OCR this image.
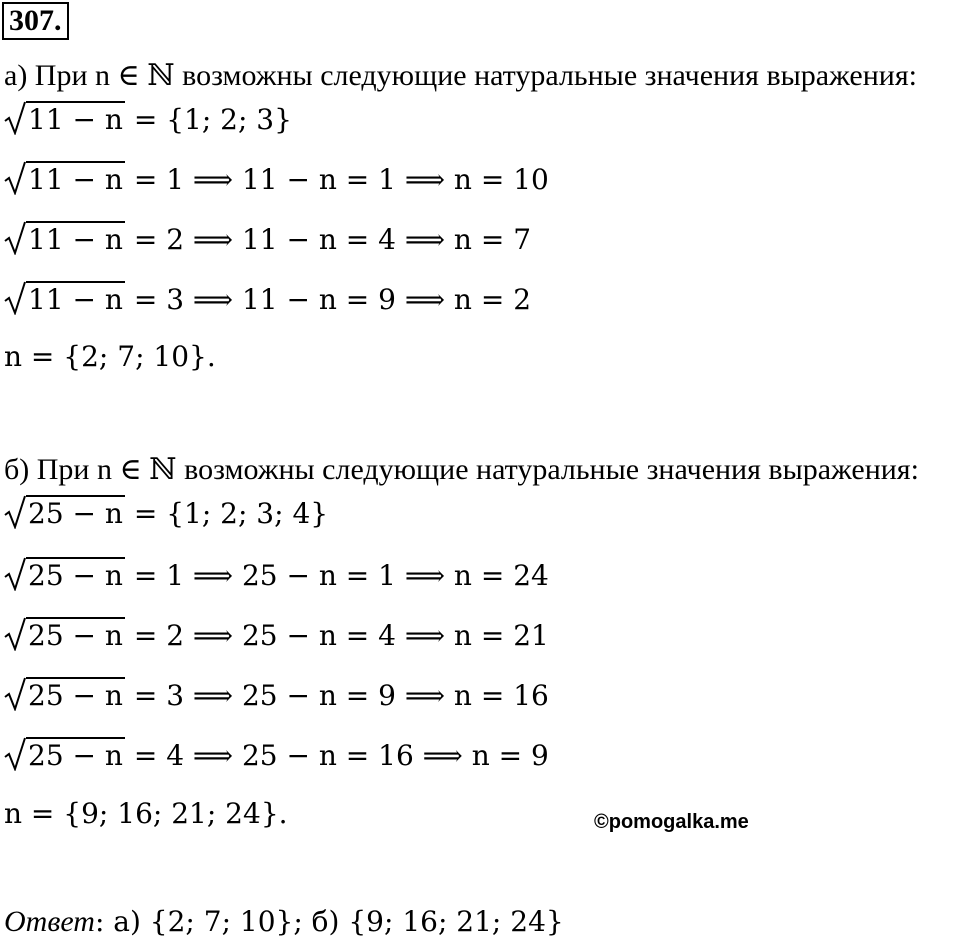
307.
а) При n ∈ ℕ возможны следующие натуральные значения выражения:
11 − n = {1; 2; 3}
11 − n = 1 ⟹ 11 − n = 1 ⟹ n = 10
11 − n = 2 ⟹ 11 − n = 4 ⟹ n = 7
11 − n = 3 ⟹ 11 − n = 9 ⟹ n = 2
n = {2; 7; 10}.
б) При n ∈ ℕ возможны следующие натуральные значения выражения:
25 − n = {1; 2; 3; 4}
25 − n = 1 ⟹ 25 − n = 1 ⟹ n = 24
25 − n = 2 ⟹ 25 − n = 4 ⟹ n = 21
25 − n = 3 ⟹ 25 − n = 9 ⟹ n = 16
25 − n = 4 ⟹ 25 − n = 16 ⟹ n = 9
n = {9; 16; 21; 24}.	©pomogalka.me
Ответ: а) {2; 7; 10}; б) {9; 16; 21; 24}
